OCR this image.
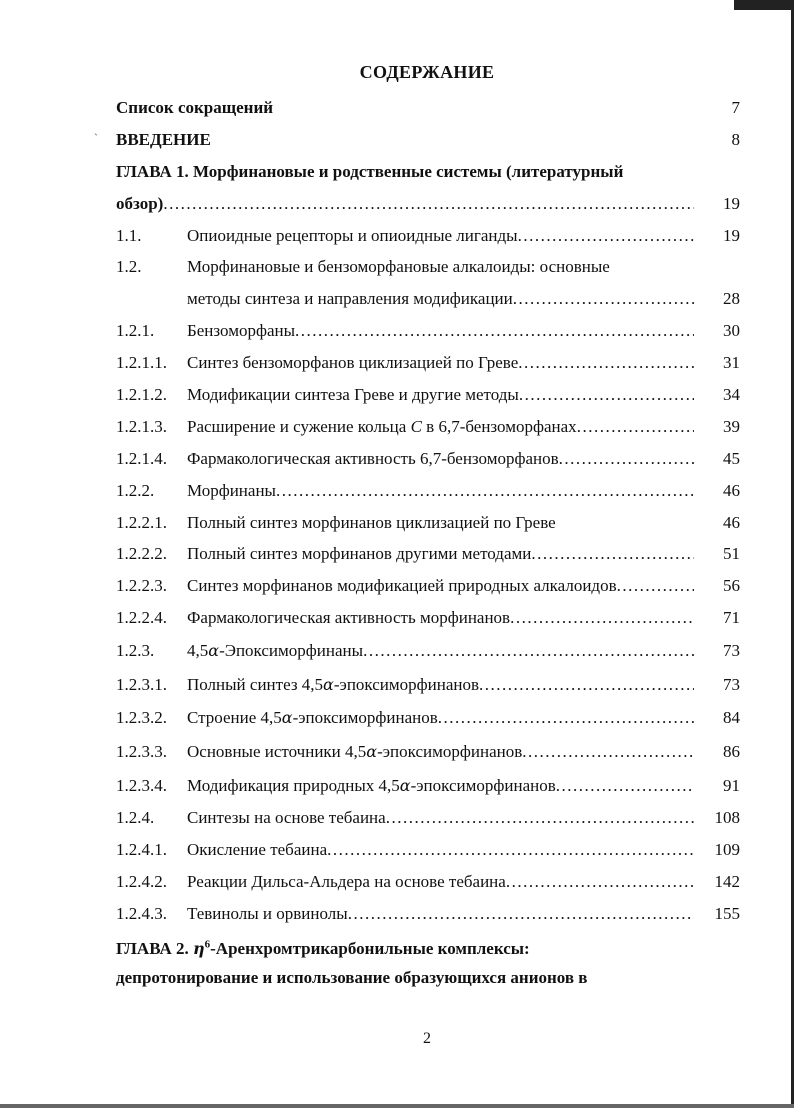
`
СОДЕРЖАНИЕ
Список сокращений	7
ВВЕДЕНИЕ	8
ГЛАВА 1. Морфинановые и родственные системы (литературный
обзор) .....	19
1.1.	Опиоидные рецепторы и опиоидные лиганды .....	19
1.2.	Морфинановые и бензоморфановые алкалоиды: основные
методы синтеза и направления модификации .....	28
1.2.1. Бензоморфаны .....	30
1.2.1.1. Синтез бензоморфанов циклизацией по Греве .....	31
1.2.1.2. Модификации синтеза Греве и другие методы .....	34
1.2.1.3. Расширение и сужение кольца C в 6,7-бензоморфанах .....	39
1.2.1.4. Фармакологическая активность 6,7-бензоморфанов .....	45
1.2.2. Морфинаны .....	46
1.2.2.1. Полный синтез морфинанов циклизацией по Греве	46
1.2.2.2. Полный синтез морфинанов другими методами .....	51
1.2.2.3. Синтез морфинанов модификацией природных алкалоидов .....	56
1.2.2.4. Фармакологическая активность морфинанов .....	71
1.2.3. 4,5α-Эпоксиморфинаны .....	73
1.2.3.1. Полный синтез 4,5α-эпоксиморфинанов .....	73
1.2.3.2. Строение 4,5α-эпоксиморфинанов .....	84
1.2.3.3. Основные источники 4,5α-эпоксиморфинанов .....	86
1.2.3.4. Модификация природных 4,5α-эпоксиморфинанов .....	91
1.2.4. Синтезы на основе тебаина .....	108
1.2.4.1. Окисление тебаина .....	109
1.2.4.2. Реакции Дильса-Альдера на основе тебаина .....	142
1.2.4.3. Тевинолы и орвинолы .....	155
ГЛАВА 2. $\eta^6$-Аренхромтрикарбонильные комплексы:
депротонирование и использование образующихся анионов в
2
